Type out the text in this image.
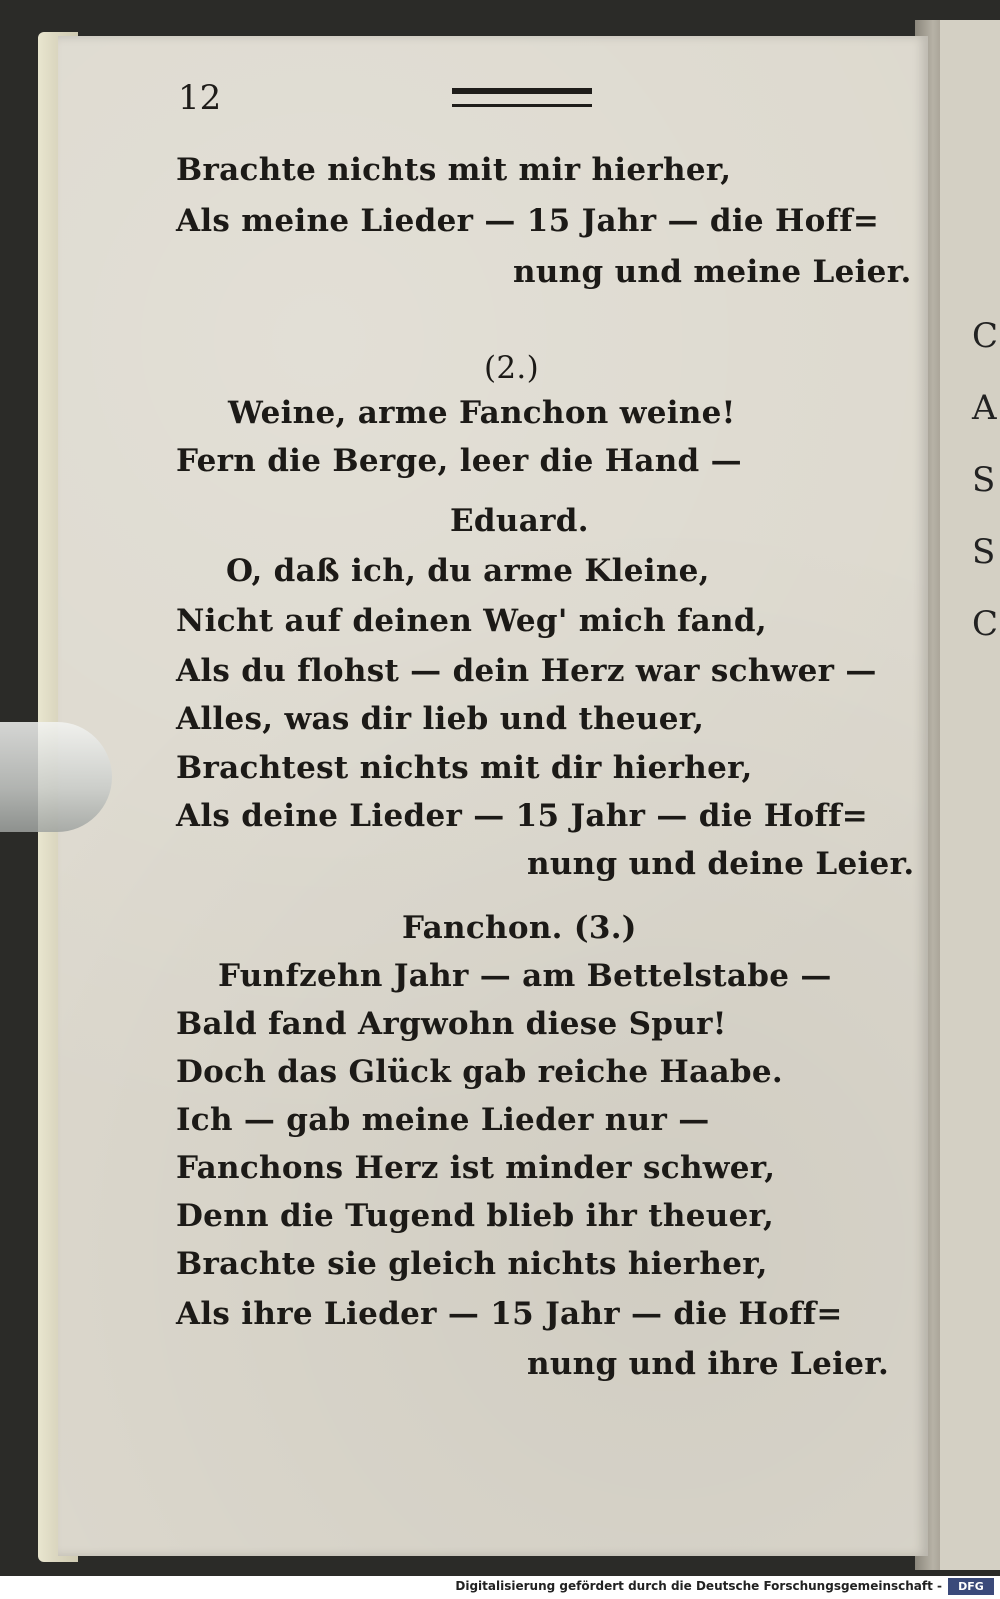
C
A
S
S
C
12
Brachte nichts mit mir hierher,
Als meine Lieder — 15 Jahr — die Hoff=
nung und meine Leier.
(2.)
Weine, arme Fanchon weine!
Fern die Berge, leer die Hand —
Eduard.
O, daß ich, du arme Kleine,
Nicht auf deinen Weg' mich fand,
Als du flohst — dein Herz war schwer —
Alles, was dir lieb und theuer,
Brachtest nichts mit dir hierher,
Als deine Lieder — 15 Jahr — die Hoff=
nung und deine Leier.
Fanchon. (3.)
Funfzehn Jahr — am Bettelstabe —
Bald fand Argwohn diese Spur!
Doch das Glück gab reiche Haabe.
Ich — gab meine Lieder nur —
Fanchons Herz ist minder schwer,
Denn die Tugend blieb ihr theuer,
Brachte sie gleich nichts hierher,
Als ihre Lieder — 15 Jahr — die Hoff=
nung und ihre Leier.
Digitalisierung gefördert durch die Deutsche Forschungsgemeinschaft -	DFG
